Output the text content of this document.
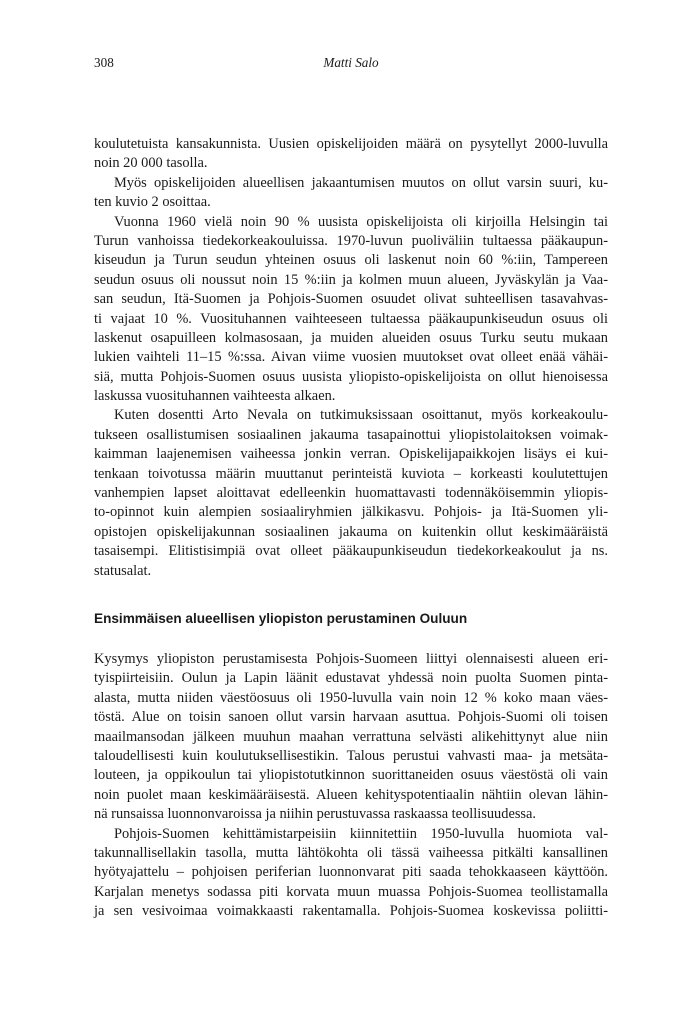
308	Matti Salo
koulutetuista kansakunnista. Uusien opiskelijoiden määrä on pysytellyt 2000-luvulla
noin 20 000 tasolla.
Myös opiskelijoiden alueellisen jakaantumisen muutos on ollut varsin suuri, ku-
ten kuvio 2 osoittaa.
Vuonna 1960 vielä noin 90 % uusista opiskelijoista oli kirjoilla Helsingin tai
Turun vanhoissa tiedekorkeakouluissa. 1970-luvun puoliväliin tultaessa pääkaupun-
kiseudun ja Turun seudun yhteinen osuus oli laskenut noin 60 %:iin, Tampereen
seudun osuus oli noussut noin 15 %:iin ja kolmen muun alueen, Jyväskylän ja Vaa-
san seudun, Itä-Suomen ja Pohjois-Suomen osuudet olivat suhteellisen tasavahvas-
ti vajaat 10 %. Vuosituhannen vaihteeseen tultaessa pääkaupunkiseudun osuus oli
laskenut osapuilleen kolmasosaan, ja muiden alueiden osuus Turku seutu mukaan
lukien vaihteli 11–15 %:ssa. Aivan viime vuosien muutokset ovat olleet enää vähäi-
siä, mutta Pohjois-Suomen osuus uusista yliopisto-opiskelijoista on ollut hienoisessa
laskussa vuosituhannen vaihteesta alkaen.
Kuten dosentti Arto Nevala on tutkimuksissaan osoittanut, myös korkeakoulu-
tukseen osallistumisen sosiaalinen jakauma tasapainottui yliopistolaitoksen voimak-
kaimman laajenemisen vaiheessa jonkin verran. Opiskelijapaikkojen lisäys ei kui-
tenkaan toivotussa määrin muuttanut perinteistä kuviota – korkeasti koulutettujen
vanhempien lapset aloittavat edelleenkin huomattavasti todennäköisemmin yliopis-
to-opinnot kuin alempien sosiaaliryhmien jälkikasvu. Pohjois- ja Itä-Suomen yli-
opistojen opiskelijakunnan sosiaalinen jakauma on kuitenkin ollut keskimääräistä
tasaisempi. Elitistisimpiä ovat olleet pääkaupunkiseudun tiedekorkeakoulut ja ns.
statusalat.
Ensimmäisen alueellisen yliopiston perustaminen Ouluun
Kysymys yliopiston perustamisesta Pohjois-Suomeen liittyi olennaisesti alueen eri-
tyispiirteisiin. Oulun ja Lapin läänit edustavat yhdessä noin puolta Suomen pinta-
alasta, mutta niiden väestöosuus oli 1950-luvulla vain noin 12 % koko maan väes-
töstä. Alue on toisin sanoen ollut varsin harvaan asuttua. Pohjois-Suomi oli toisen
maailmansodan jälkeen muuhun maahan verrattuna selvästi alikehittynyt alue niin
taloudellisesti kuin koulutuksellisestikin. Talous perustui vahvasti maa- ja metsäta-
louteen, ja oppikoulun tai yliopistotutkinnon suorittaneiden osuus väestöstä oli vain
noin puolet maan keskimääräisestä. Alueen kehityspotentiaalin nähtiin olevan lähin-
nä runsaissa luonnonvaroissa ja niihin perustuvassa raskaassa teollisuudessa.
Pohjois-Suomen kehittämistarpeisiin kiinnitettiin 1950-luvulla huomiota val-
takunnallisellakin tasolla, mutta lähtökohta oli tässä vaiheessa pitkälti kansallinen
hyötyajattelu – pohjoisen periferian luonnonvarat piti saada tehokkaaseen käyttöön.
Karjalan menetys sodassa piti korvata muun muassa Pohjois-Suomea teollistamalla
ja sen vesivoimaa voimakkaasti rakentamalla. Pohjois-Suomea koskevissa poliitti-
